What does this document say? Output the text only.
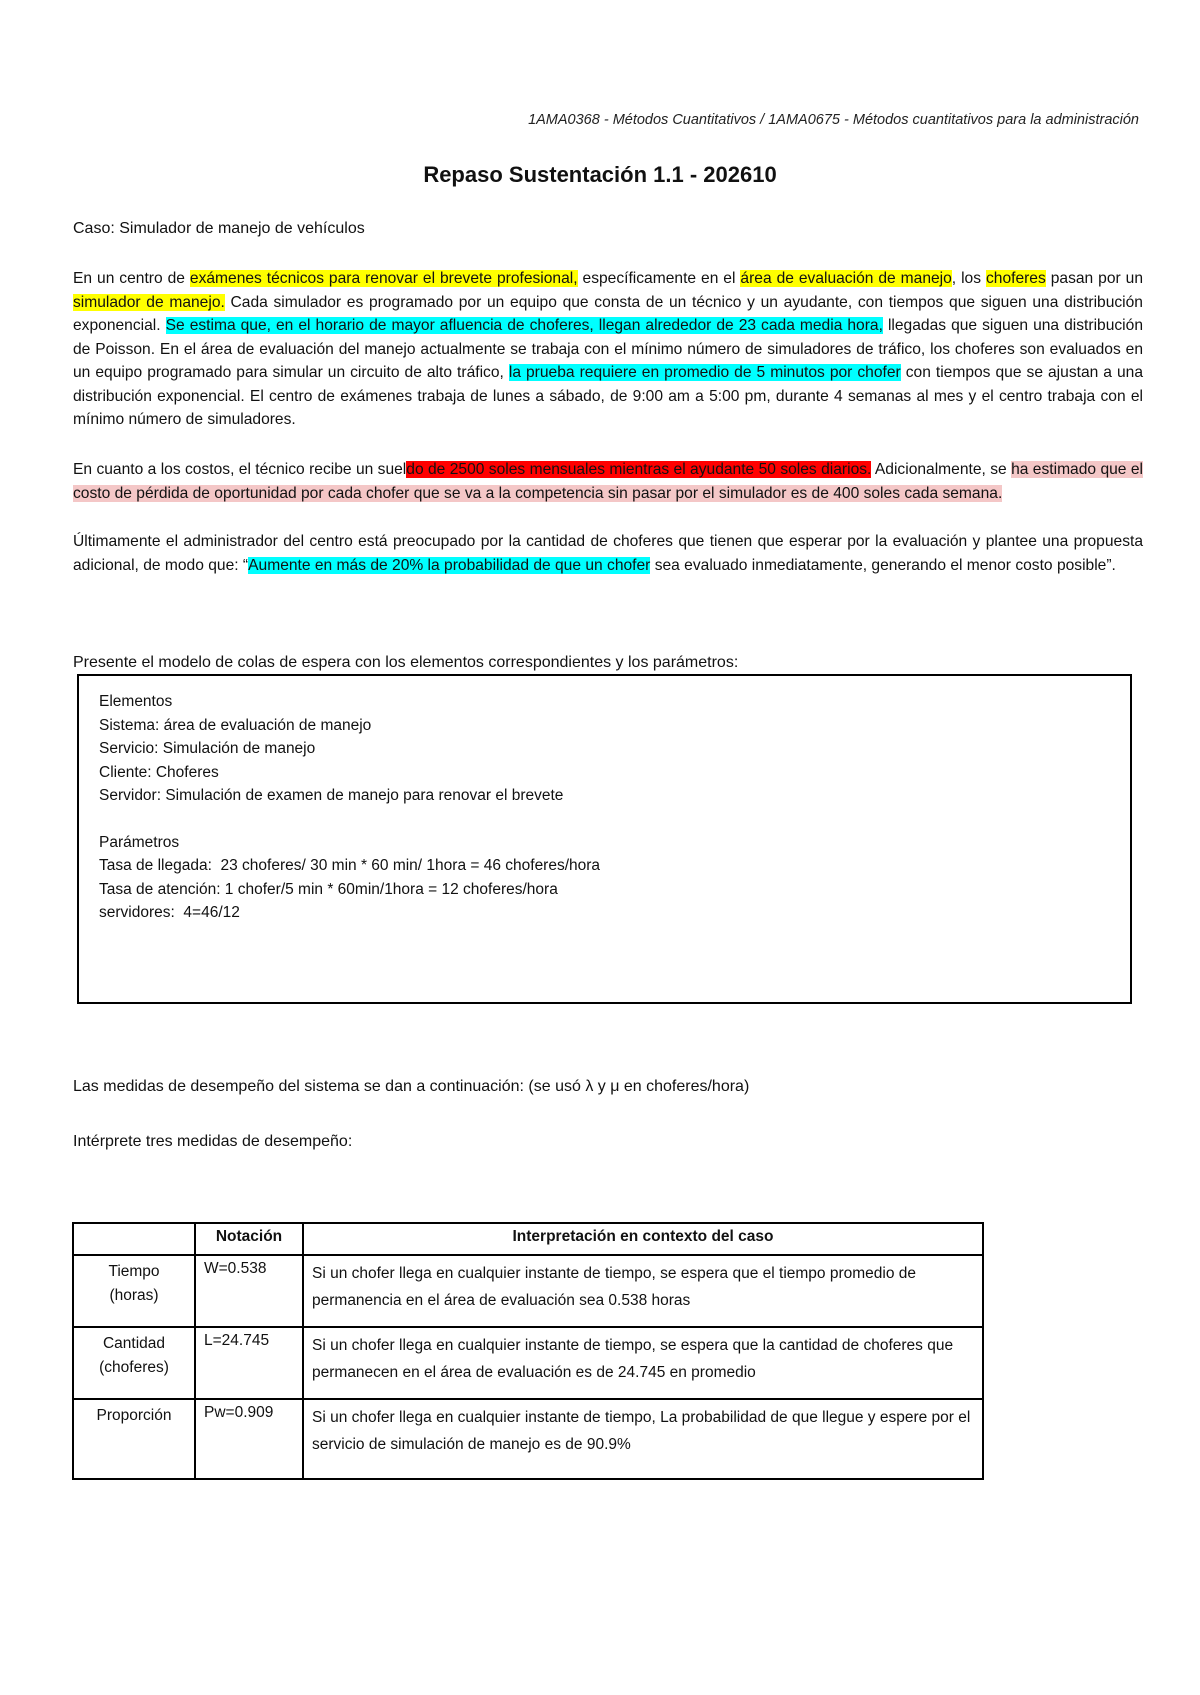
1AMA0368 - Métodos Cuantitativos / 1AMA0675 - Métodos cuantitativos para la administración
Repaso Sustentación 1.1 - 202610
Caso: Simulador de manejo de vehículos
En un centro de exámenes técnicos para renovar el brevete profesional, específicamente en el área de evaluación de manejo, los choferes pasan por un simulador de manejo. Cada simulador es programado por un equipo que consta de un técnico y un ayudante, con tiempos que siguen una distribución exponencial. Se estima que, en el horario de mayor afluencia de choferes, llegan alrededor de 23 cada media hora, llegadas que siguen una distribución de Poisson. En el área de evaluación del manejo actualmente se trabaja con el mínimo número de simuladores de tráfico, los choferes son evaluados en un equipo programado para simular un circuito de alto tráfico, la prueba requiere en promedio de 5 minutos por chofer con tiempos que se ajustan a una distribución exponencial. El centro de exámenes trabaja de lunes a sábado, de 9:00 am a 5:00 pm, durante 4 semanas al mes y el centro trabaja con el mínimo número de simuladores.
En cuanto a los costos, el técnico recibe un sueldo de 2500 soles mensuales mientras el ayudante 50 soles diarios. Adicionalmente, se ha estimado que el costo de pérdida de oportunidad por cada chofer que se va a la competencia sin pasar por el simulador es de 400 soles cada semana.
Últimamente el administrador del centro está preocupado por la cantidad de choferes que tienen que esperar por la evaluación y plantee una propuesta adicional, de modo que: “Aumente en más de 20% la probabilidad de que un chofer sea evaluado inmediatamente, generando el menor costo posible”.
Presente el modelo de colas de espera con los elementos correspondientes y los parámetros:
Elementos
Sistema: área de evaluación de manejo
Servicio: Simulación de manejo
Cliente: Choferes
Servidor: Simulación de examen de manejo para renovar el brevete
Parámetros
Tasa de llegada:  23 choferes/ 30 min * 60 min/ 1hora = 46 choferes/hora
Tasa de atención: 1 chofer/5 min * 60min/1hora = 12 choferes/hora
servidores:  4=46/12
Las medidas de desempeño del sistema se dan a continuación: (se usó λ y μ en choferes/hora)
Intérprete tres medidas de desempeño:
	Notación	Interpretación en contexto del caso
Tiempo
(horas)	W=0.538	Si un chofer llega en cualquier instante de tiempo, se espera que el tiempo promedio de permanencia en el área de evaluación sea 0.538 horas
Cantidad
(choferes)	L=24.745	Si un chofer llega en cualquier instante de tiempo, se espera que la cantidad de choferes que permanecen en el área de evaluación es de 24.745 en promedio
Proporción	Pw=0.909	Si un chofer llega en cualquier instante de tiempo, La probabilidad de que llegue y espere por el servicio de simulación de manejo es de 90.9%
